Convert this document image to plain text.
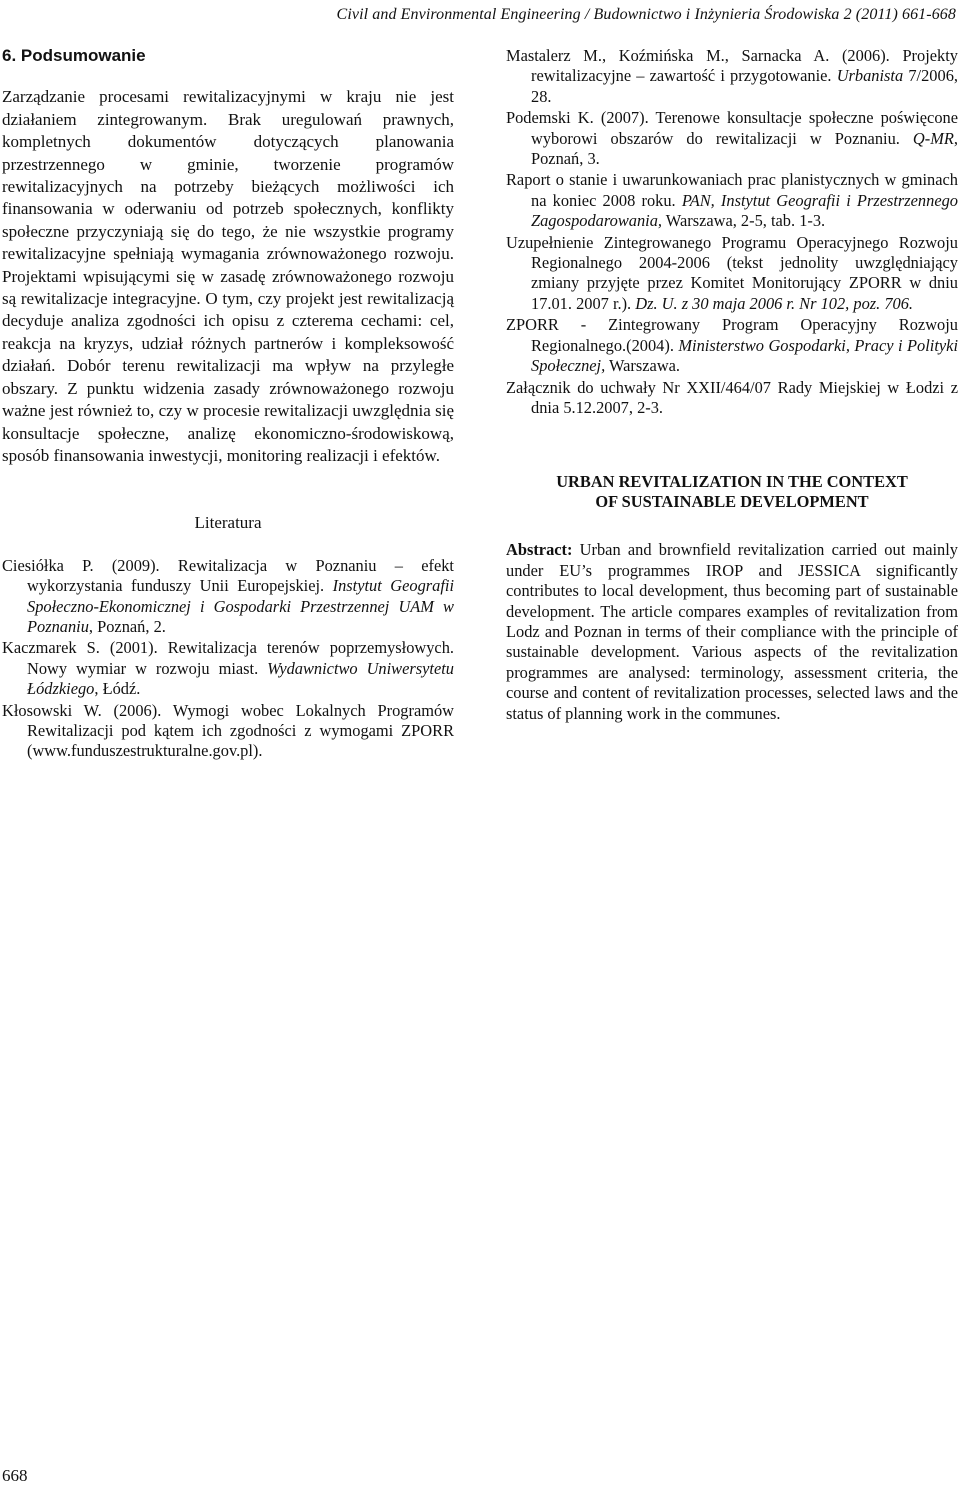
Civil and Environmental Engineering / Budownictwo i Inżynieria Środowiska 2 (2011) 661-668
6. Podsumowanie

Zarządzanie procesami rewitalizacyjnymi w kraju nie jest działaniem zintegrowanym. Brak uregulowań prawnych, kompletnych dokumentów dotyczących planowania przestrzennego w gminie, tworzenie programów rewitalizacyjnych na potrzeby bieżących możliwości ich finansowania w oderwaniu od potrzeb społecznych, konflikty społeczne przyczyniają się do tego, że nie wszystkie programy rewitalizacyjne spełniają wymagania zrównoważonego rozwoju. Projektami wpisującymi się w zasadę zrównoważonego rozwoju są rewitalizacje integracyjne. O tym, czy projekt jest rewitalizacją decyduje analiza zgodności ich opisu z czterema cechami: cel, reakcja na kryzys, udział różnych partnerów i kompleksowość działań. Dobór terenu rewitalizacji ma wpływ na przyległe obszary. Z punktu widzenia zasady zrównoważonego rozwoju ważne jest również to, czy w procesie rewitalizacji uwzględnia się konsultacje społeczne, analizę ekonomiczno-środowiskową, sposób finansowania inwestycji, monitoring realizacji i efektów.

Literatura

Ciesiółka P. (2009). Rewitalizacja w Poznaniu – efekt wykorzystania funduszy Unii Europejskiej. Instytut Geografii Społeczno-Ekonomicznej i Gospodarki Przestrzennej UAM w Poznaniu, Poznań, 2.

Kaczmarek S. (2001). Rewitalizacja terenów poprzemysłowych. Nowy wymiar w rozwoju miast. Wydawnictwo Uniwersytetu Łódzkiego, Łódź.

Kłosowski W. (2006). Wymogi wobec Lokalnych Programów Rewitalizacji pod kątem ich zgodności z wymogami ZPORR (www.funduszestrukturalne.gov.pl).

Mastalerz M., Koźmińska M., Sarnacka A. (2006). Projekty rewitalizacyjne – zawartość i przygotowanie. Urbanista 7/2006, 28.

Podemski K. (2007). Terenowe konsultacje społeczne poświęcone wyborowi obszarów do rewitalizacji w Poznaniu. Q-MR, Poznań, 3.

Raport o stanie i uwarunkowaniach prac planistycznych w gminach na koniec 2008 roku. PAN, Instytut Geografii i Przestrzennego Zagospodarowania, Warszawa, 2-5, tab. 1-3.

Uzupełnienie Zintegrowanego Programu Operacyjnego Rozwoju Regionalnego 2004-2006 (tekst jednolity uwzględniający zmiany przyjęte przez Komitet Monitorujący ZPORR w dniu 17.01. 2007 r.). Dz. U. z 30 maja 2006 r. Nr 102, poz. 706.

ZPORR - Zintegrowany Program Operacyjny Rozwoju Regionalnego.(2004). Ministerstwo Gospodarki, Pracy i Polityki Społecznej, Warszawa.

Załącznik do uchwały Nr XXII/464/07 Rady Miejskiej w Łodzi z dnia 5.12.2007, 2-3.

URBAN REVITALIZATION IN THE CONTEXT
OF SUSTAINABLE DEVELOPMENT

Abstract: Urban and brownfield revitalization carried out mainly under EU’s programmes IROP and JESSICA significantly contributes to local development, thus becoming part of sustainable development. The article compares examples of revitalization from Lodz and Poznan in terms of their compliance with the principle of sustainable development. Various aspects of the revitalization programmes are analysed: terminology, assessment criteria, the course and content of revitalization processes, selected laws and the status of planning work in the communes.

668
